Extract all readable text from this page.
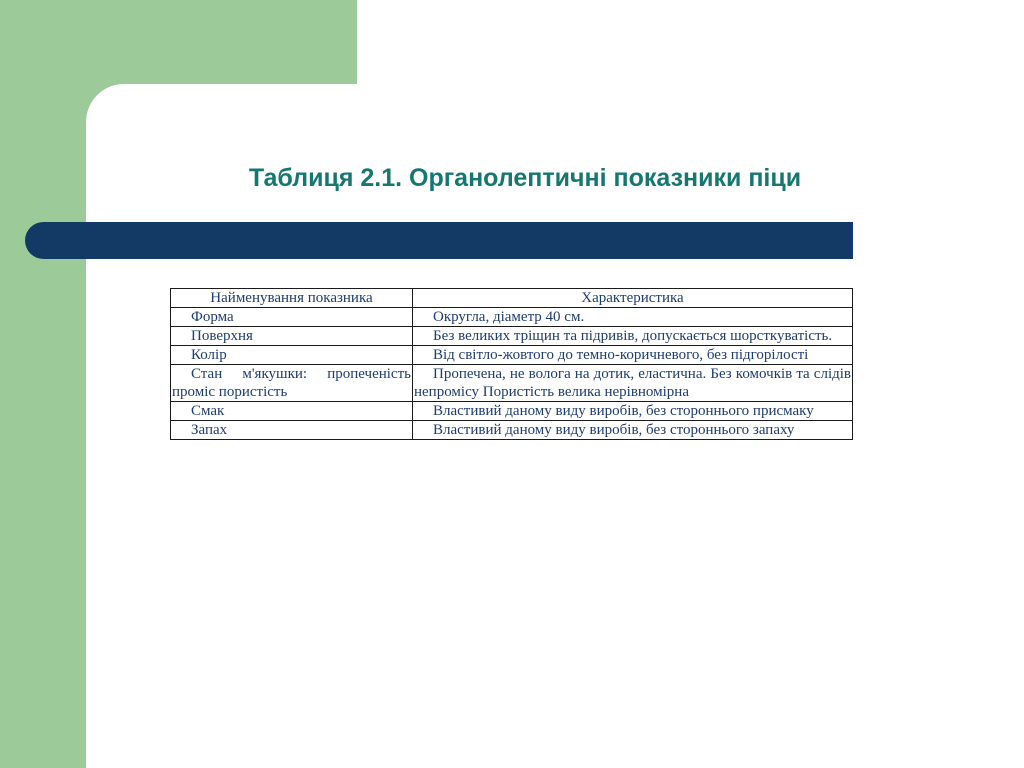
Таблиця 2.1. Органолептичні показники піци
Найменування показника	Характеристика
Форма	Округла, діаметр 40 см.
Поверхня	Без великих тріщин та підривів, допускається шорсткуватість.
Колір	Від світло-жовтого до темно-коричневого, без підгорілості
Стан м'якушки: пропеченість проміс пористість	Пропечена, не волога на дотик, еластична. Без комочків та слідів непромісу Пористість велика нерівномірна
Смак	Властивий даному виду виробів, без стороннього присмаку
Запах	Властивий даному виду виробів, без стороннього запаху
